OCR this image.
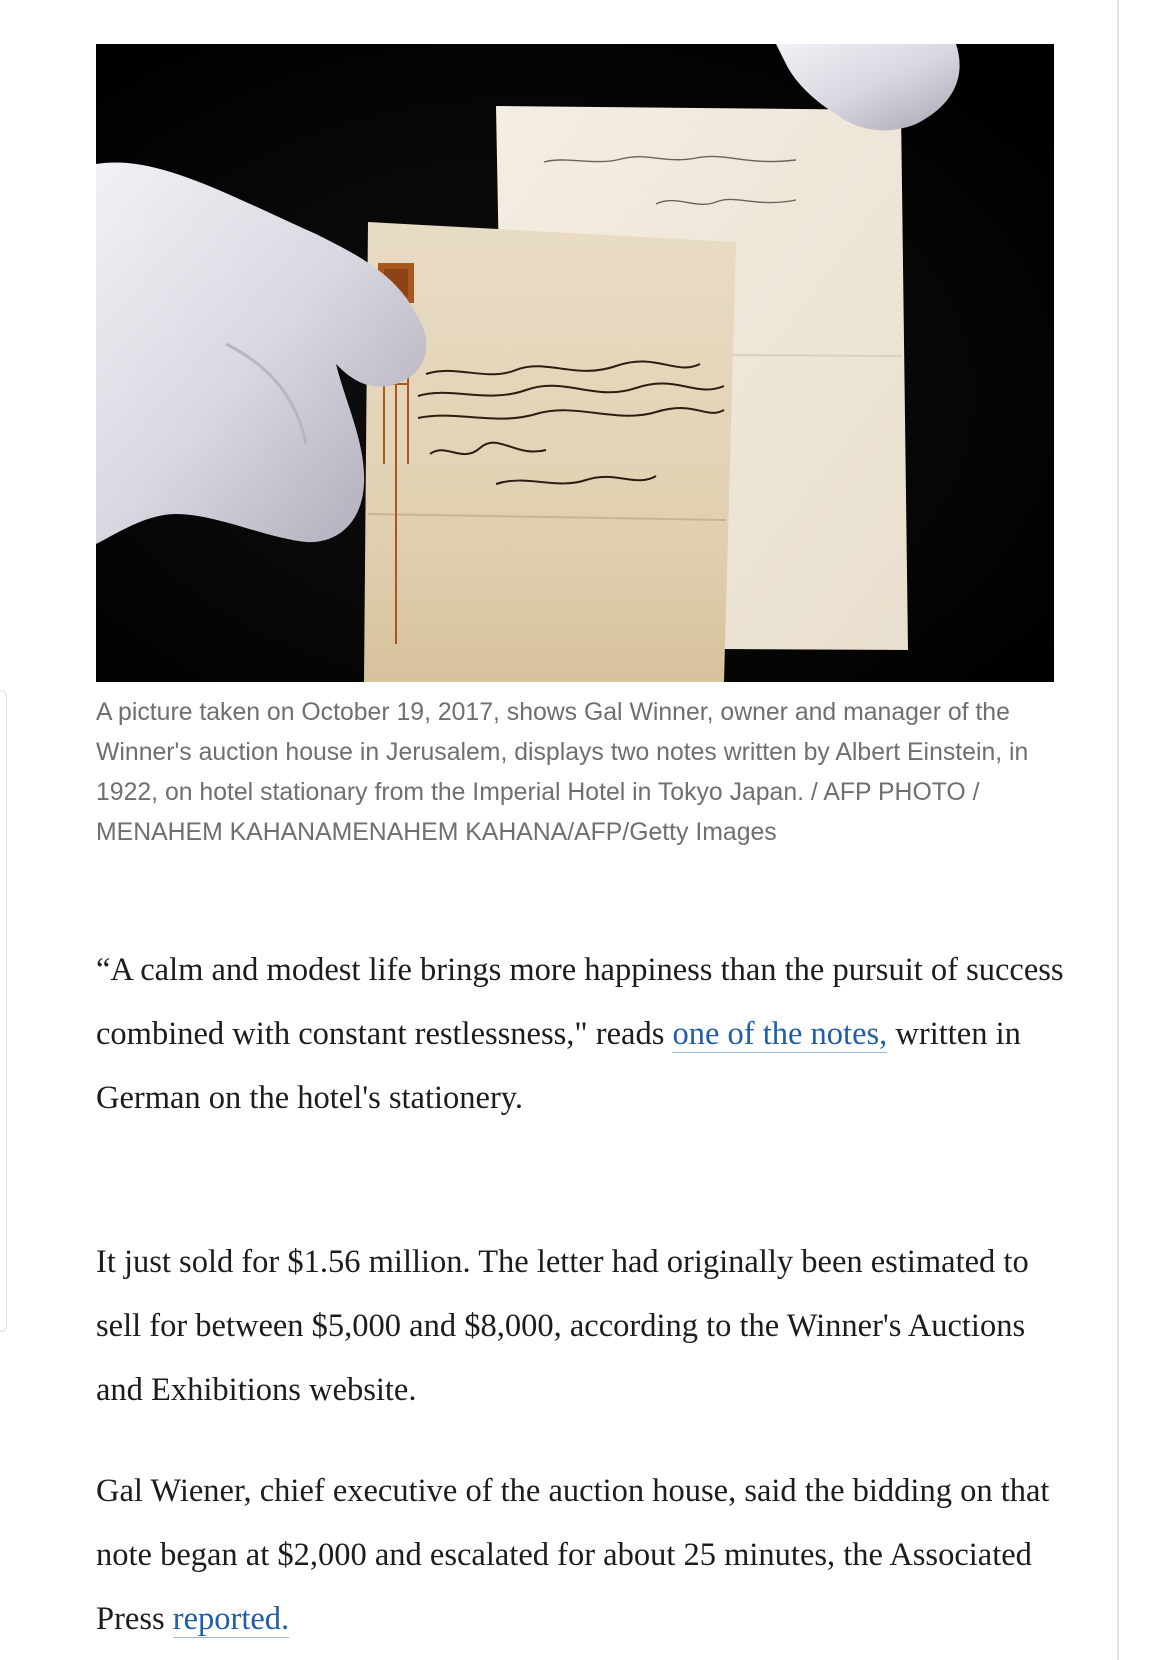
A picture taken on October 19, 2017, shows Gal Winner, owner and manager of the Winner's auction house in Jerusalem, displays two notes written by Albert Einstein, in 1922, on hotel stationary from the Imperial Hotel in Tokyo Japan. / AFP PHOTO / MENAHEM KAHANAMENAHEM KAHANA/AFP/Getty Images

“A calm and modest life brings more happiness than the pursuit of success combined with constant restlessness," reads one of the notes, written in German on the hotel's stationery.

It just sold for $1.56 million. The letter had originally been estimated to sell for between $5,000 and $8,000, according to the Winner's Auctions and Exhibitions website.

Gal Wiener, chief executive of the auction house, said the bidding on that note began at $2,000 and escalated for about 25 minutes, the Associated Press reported.
